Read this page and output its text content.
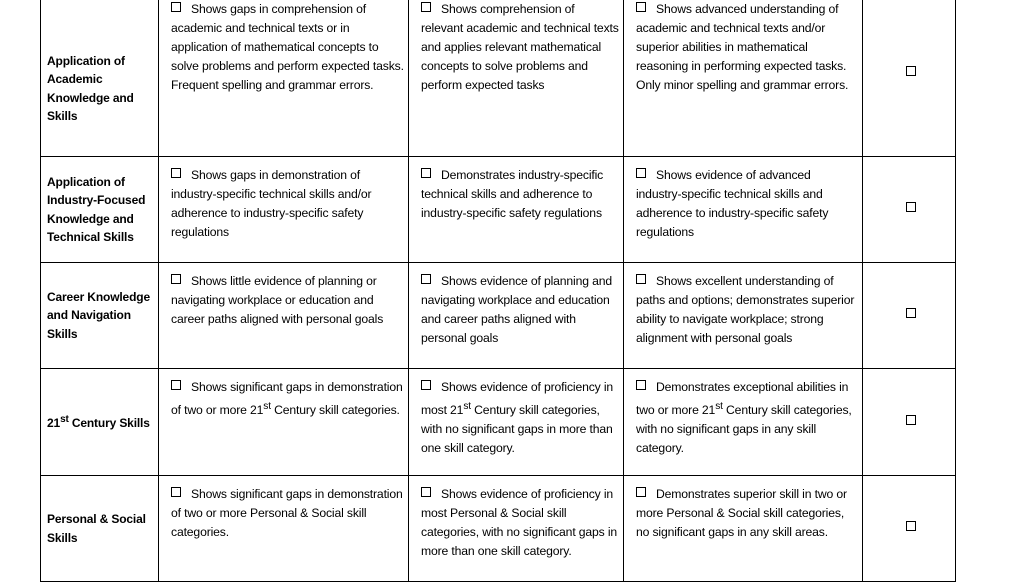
Application of Academic Knowledge and Skills	Shows gaps in comprehension of academic and technical texts or in application of mathematical concepts to solve problems and perform expected tasks. Frequent spelling and grammar errors.	Shows comprehension of relevant academic and technical texts and applies relevant mathematical concepts to solve problems and perform expected tasks	Shows advanced understanding of academic and technical texts and/or superior abilities in mathematical reasoning in performing expected tasks. Only minor spelling and grammar errors.	
Application of Industry-Focused Knowledge and Technical Skills	Shows gaps in demonstration of industry-specific technical skills and/or adherence to industry-specific safety regulations	Demonstrates industry-specific technical skills and adherence to industry-specific safety regulations	Shows evidence of advanced industry-specific technical skills and adherence to industry-specific safety regulations	
Career Knowledge and Navigation Skills	Shows little evidence of planning or navigating workplace or education and career paths aligned with personal goals	Shows evidence of planning and navigating workplace and education and career paths aligned with personal goals	Shows excellent understanding of paths and options; demonstrates superior ability to navigate workplace; strong alignment with personal goals	
21st Century Skills	Shows significant gaps in demonstration of two or more 21st Century skill categories.	Shows evidence of proficiency in most 21st Century skill categories, with no significant gaps in more than one skill category.	Demonstrates exceptional abilities in two or more 21st Century skill categories, with no significant gaps in any skill category.	
Personal & Social Skills	Shows significant gaps in demonstration of two or more Personal & Social skill categories.	Shows evidence of proficiency in most Personal & Social skill categories, with no significant gaps in more than one skill category.	Demonstrates superior skill in two or more Personal & Social skill categories, no significant gaps in any skill areas.	
